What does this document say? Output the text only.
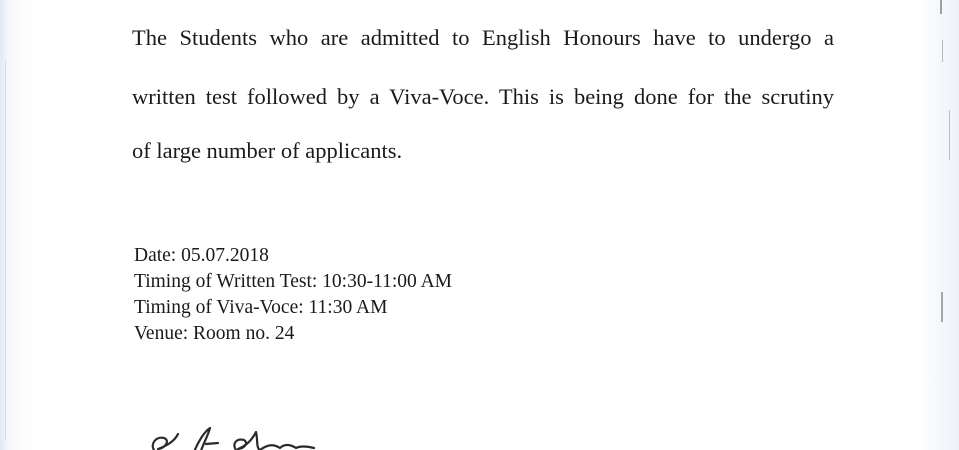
The Students who are admitted to English Honours have to undergo a
written test followed by a Viva-Voce. This is being done for the scrutiny
of large number of applicants.
Date: 05.07.2018
Timing of Written Test: 10:30-11:00 AM
Timing of Viva-Voce: 11:30 AM
Venue: Room no. 24
